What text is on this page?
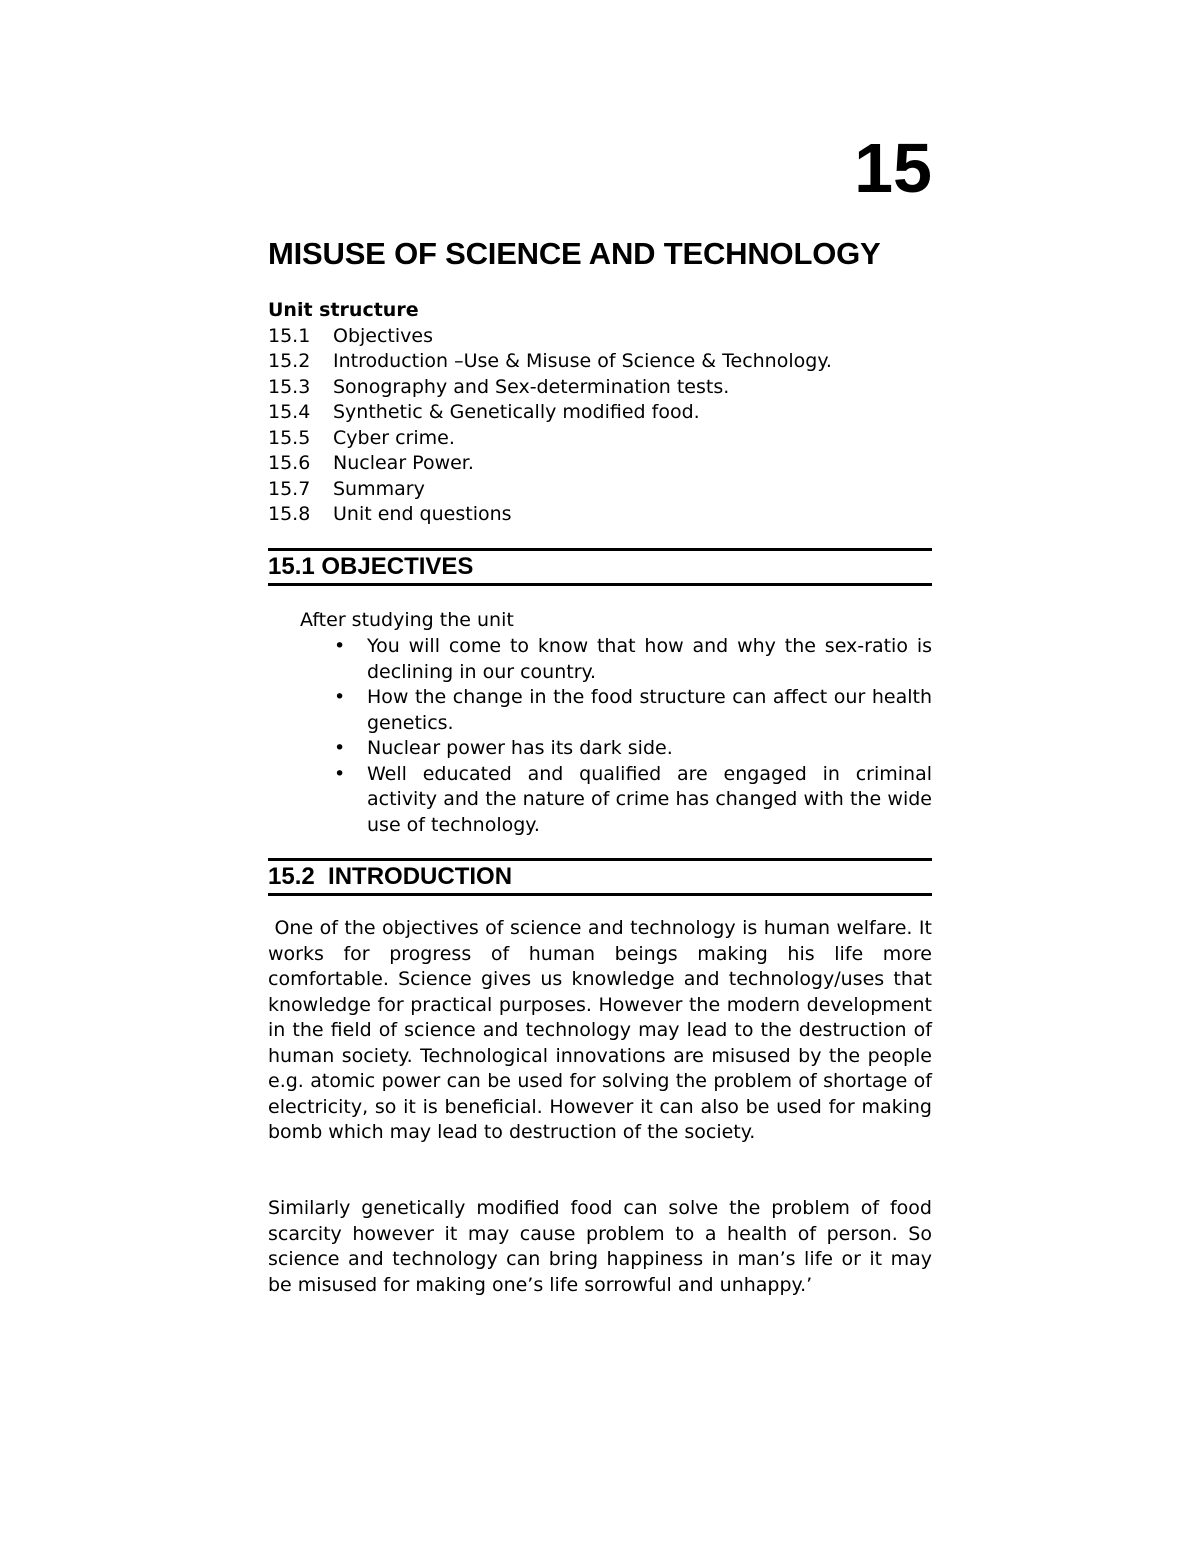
15
MISUSE OF SCIENCE AND TECHNOLOGY
Unit structure
15.1	Objectives
15.2	Introduction –Use & Misuse of Science & Technology.
15.3	Sonography and Sex-determination tests.
15.4	Synthetic & Genetically modified food.
15.5	Cyber crime.
15.6	Nuclear Power.
15.7	Summary
15.8	Unit end questions
15.1 OBJECTIVES
After studying the unit
•	You will come to know that how and why the sex-ratio is declining in our country.
•	How the change in the food structure can affect our health genetics.
•	Nuclear power has its dark side.
•	Well educated and qualified are engaged in criminal activity and the nature of crime has changed with the wide use of technology.
15.2  INTRODUCTION

One of the objectives of science and technology is human welfare. It works for progress of human beings making his life more comfortable. Science gives us knowledge and technology/uses that knowledge for practical purposes. However the modern development in the field of science and technology may lead to the destruction of human society. Technological innovations are misused by the people e.g. atomic power can be used for solving the problem of shortage of electricity, so it is beneficial. However it can also be used for making bomb which may lead to destruction of the society.

Similarly genetically modified food can solve the problem of food scarcity however it may cause problem to a health of person. So science and technology can bring happiness in man’s life or it may be misused for making one’s life sorrowful and unhappy.’
